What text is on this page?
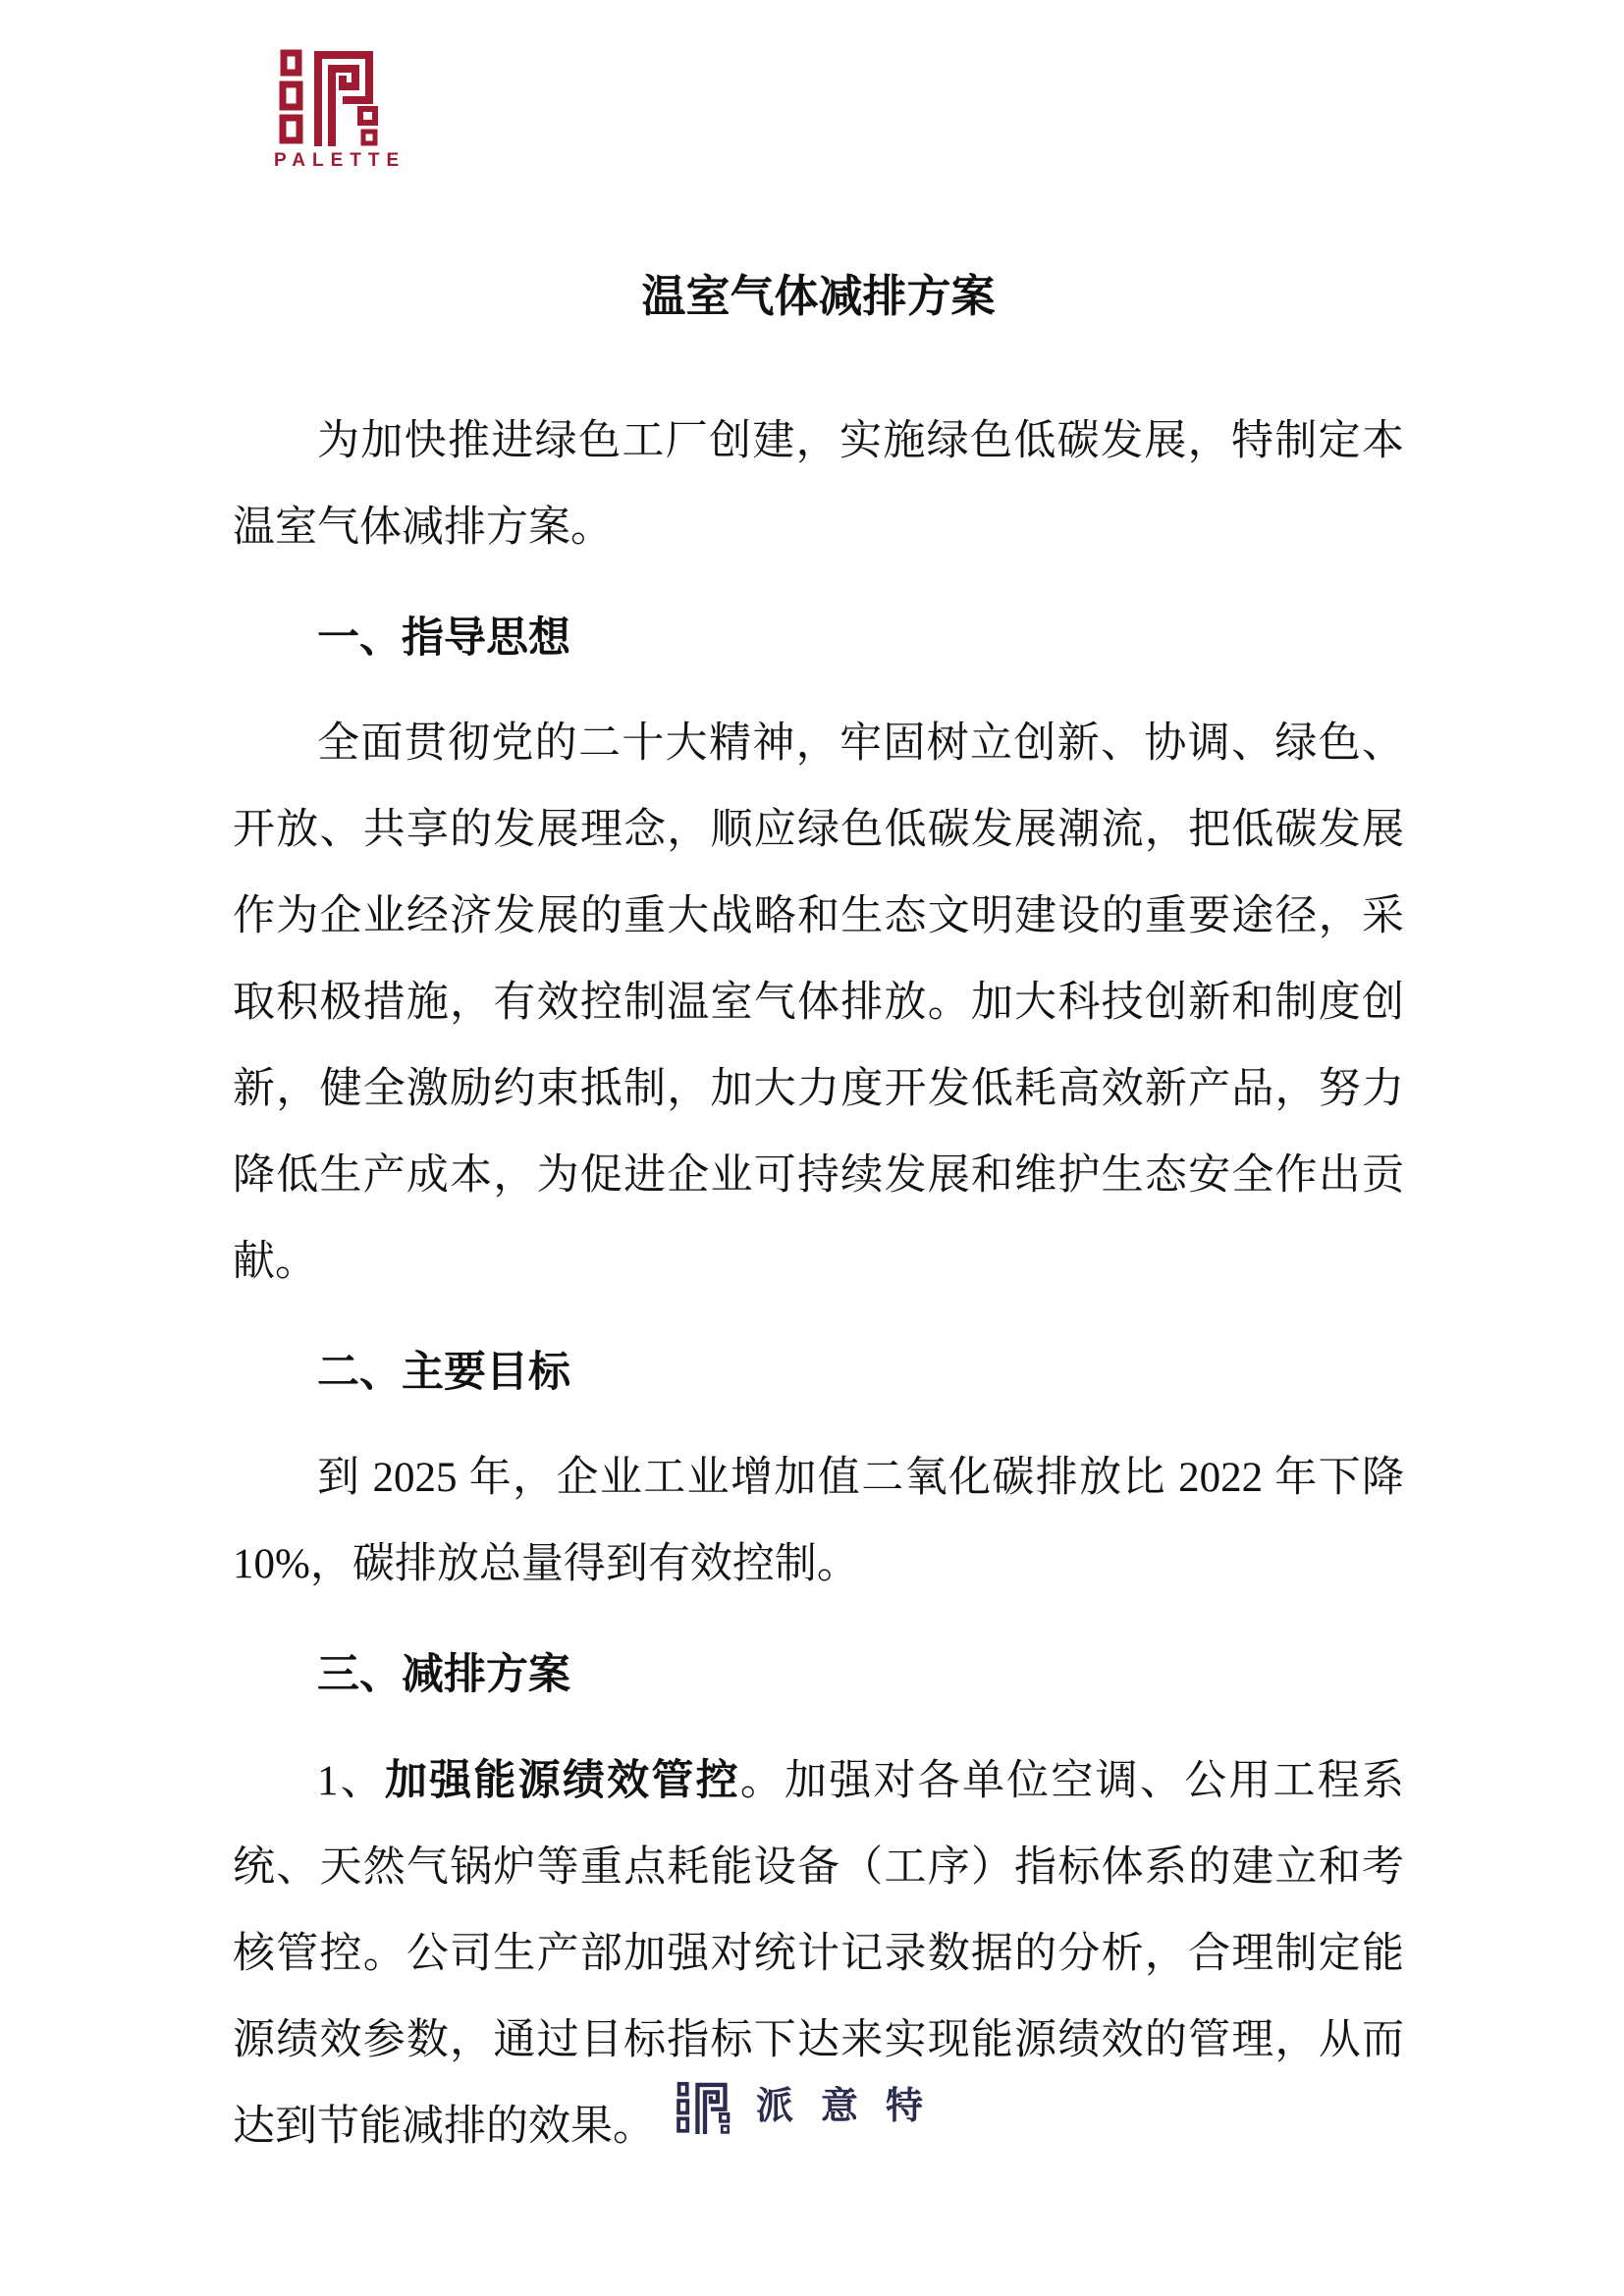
PALETTE
温室气体减排方案

为加快推进绿色工厂创建，实施绿色低碳发展，特制定本温室气体减排方案。

一、指导思想

全面贯彻党的二十大精神，牢固树立创新、协调、绿色、开放、共享的发展理念，顺应绿色低碳发展潮流，把低碳发展作为企业经济发展的重大战略和生态文明建设的重要途径，采取积极措施，有效控制温室气体排放。加大科技创新和制度创新，健全激励约束抵制，加大力度开发低耗高效新产品，努力降低生产成本，为促进企业可持续发展和维护生态安全作出贡献。

二、主要目标

到 2025 年，企业工业增加值二氧化碳排放比 2022 年下降 10%，碳排放总量得到有效控制。

三、减排方案

1、加强能源绩效管控。加强对各单位空调、公用工程系统、天然气锅炉等重点耗能设备（工序）指标体系的建立和考核管控。公司生产部加强对统计记录数据的分析，合理制定能源绩效参数，通过目标指标下达来实现能源绩效的管理，从而达到节能减排的效果。	派意特
